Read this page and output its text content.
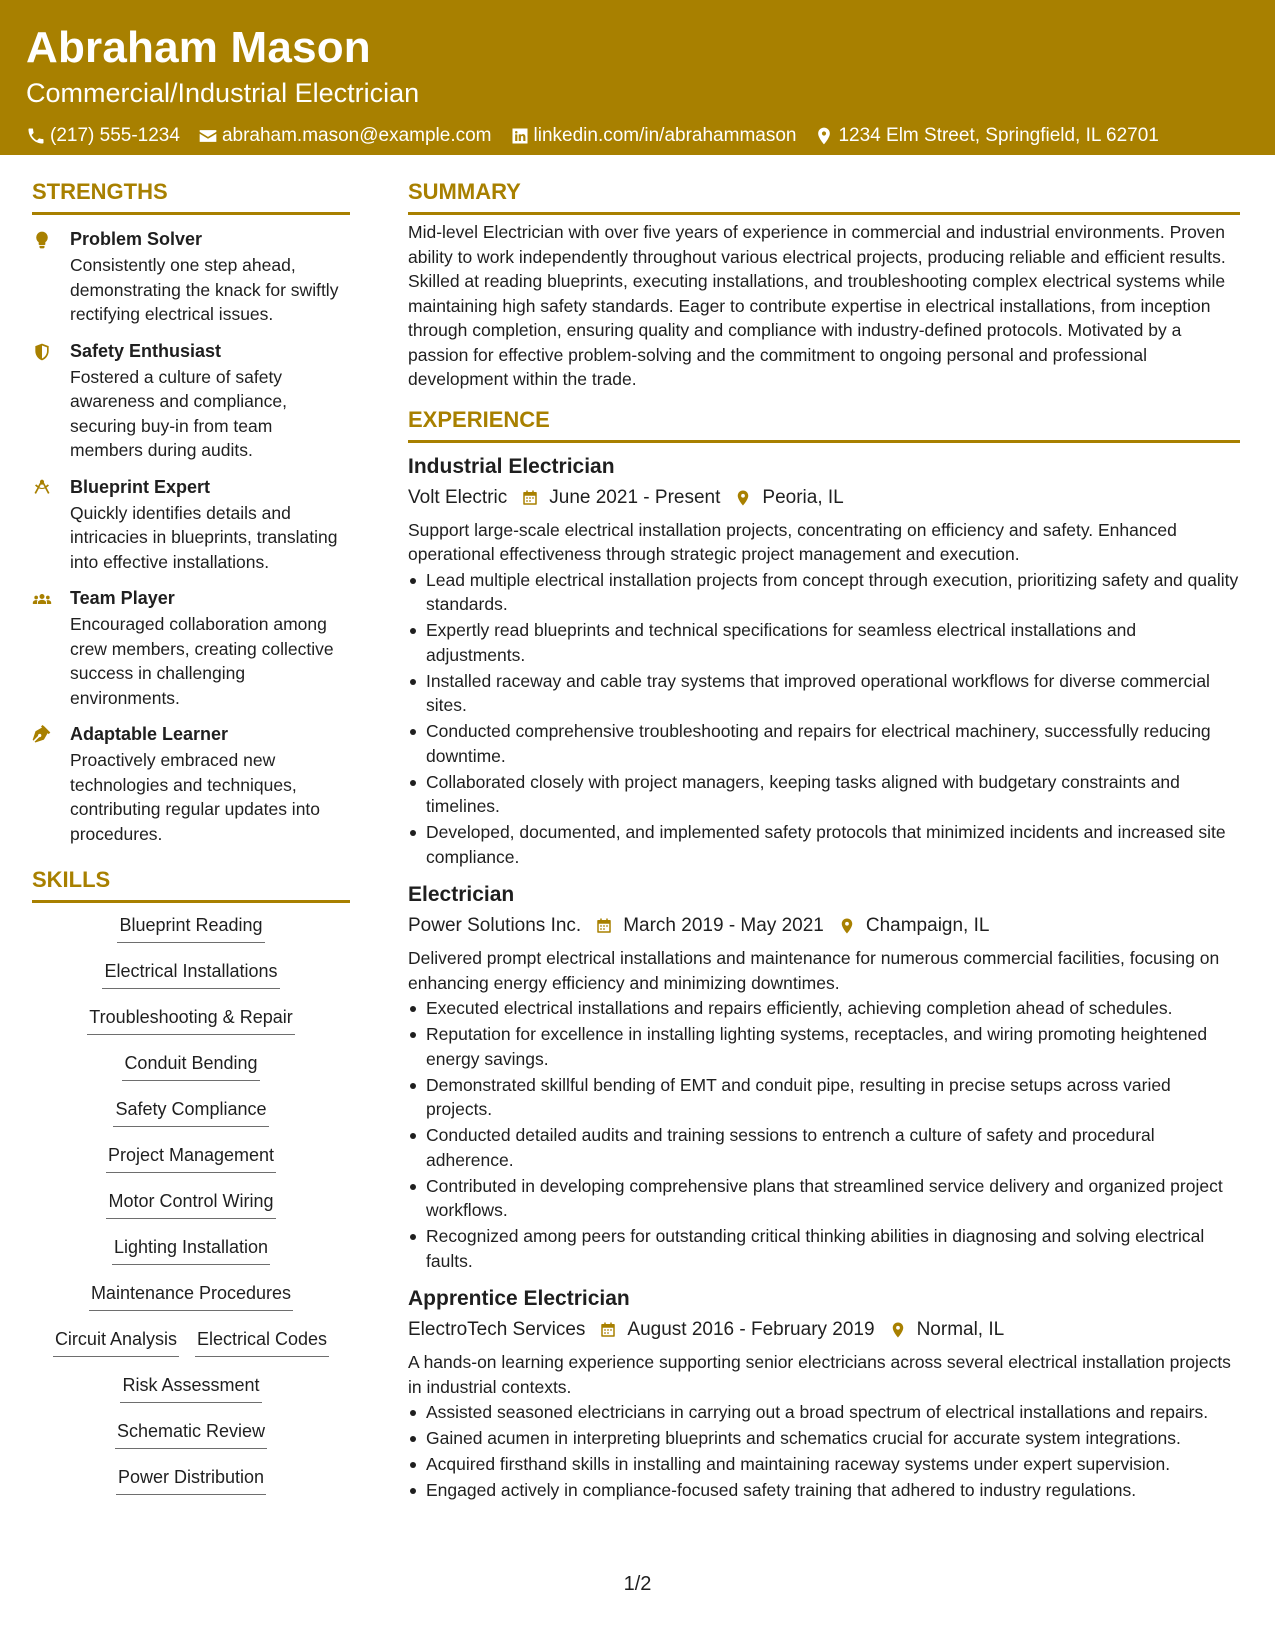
Abraham Mason
Commercial/Industrial Electrician
(217) 555-1234 abraham.mason@example.com linkedin.com/in/abrahammason 1234 Elm Street, Springfield, IL 62701
STRENGTHS
Problem Solver
Consistently one step ahead, demonstrating the knack for swiftly rectifying electrical issues.
Safety Enthusiast
Fostered a culture of safety awareness and compliance, securing buy-in from team members during audits.
Blueprint Expert
Quickly identifies details and intricacies in blueprints, translating into effective installations.
Team Player
Encouraged collaboration among crew members, creating collective success in challenging environments.
Adaptable Learner
Proactively embraced new technologies and techniques, contributing regular updates into procedures.
SKILLS
Blueprint Reading
Electrical Installations
Troubleshooting & Repair
Conduit Bending
Safety Compliance
Project Management
Motor Control Wiring
Lighting Installation
Maintenance Procedures
Circuit Analysis Electrical Codes
Risk Assessment
Schematic Review
Power Distribution
SUMMARY
Mid-level Electrician with over five years of experience in commercial and industrial environments. Proven ability to work independently throughout various electrical projects, producing reliable and efficient results. Skilled at reading blueprints, executing installations, and troubleshooting complex electrical systems while maintaining high safety standards. Eager to contribute expertise in electrical installations, from inception through completion, ensuring quality and compliance with industry-defined protocols. Motivated by a passion for effective problem-solving and the commitment to ongoing personal and professional development within the trade.
EXPERIENCE
Industrial Electrician
Volt Electric June 2021 - Present Peoria, IL
Support large-scale electrical installation projects, concentrating on efficiency and safety. Enhanced operational effectiveness through strategic project management and execution.
Lead multiple electrical installation projects from concept through execution, prioritizing safety and quality standards.
Expertly read blueprints and technical specifications for seamless electrical installations and adjustments.
Installed raceway and cable tray systems that improved operational workflows for diverse commercial sites.
Conducted comprehensive troubleshooting and repairs for electrical machinery, successfully reducing downtime.
Collaborated closely with project managers, keeping tasks aligned with budgetary constraints and timelines.
Developed, documented, and implemented safety protocols that minimized incidents and increased site compliance.
Electrician
Power Solutions Inc. March 2019 - May 2021 Champaign, IL
Delivered prompt electrical installations and maintenance for numerous commercial facilities, focusing on enhancing energy efficiency and minimizing downtimes.
Executed electrical installations and repairs efficiently, achieving completion ahead of schedules.
Reputation for excellence in installing lighting systems, receptacles, and wiring promoting heightened energy savings.
Demonstrated skillful bending of EMT and conduit pipe, resulting in precise setups across varied projects.
Conducted detailed audits and training sessions to entrench a culture of safety and procedural adherence.
Contributed in developing comprehensive plans that streamlined service delivery and organized project workflows.
Recognized among peers for outstanding critical thinking abilities in diagnosing and solving electrical faults.
Apprentice Electrician
ElectroTech Services August 2016 - February 2019 Normal, IL
A hands-on learning experience supporting senior electricians across several electrical installation projects in industrial contexts.
Assisted seasoned electricians in carrying out a broad spectrum of electrical installations and repairs.
Gained acumen in interpreting blueprints and schematics crucial for accurate system integrations.
Acquired firsthand skills in installing and maintaining raceway systems under expert supervision.
Engaged actively in compliance-focused safety training that adhered to industry regulations.
1/2
